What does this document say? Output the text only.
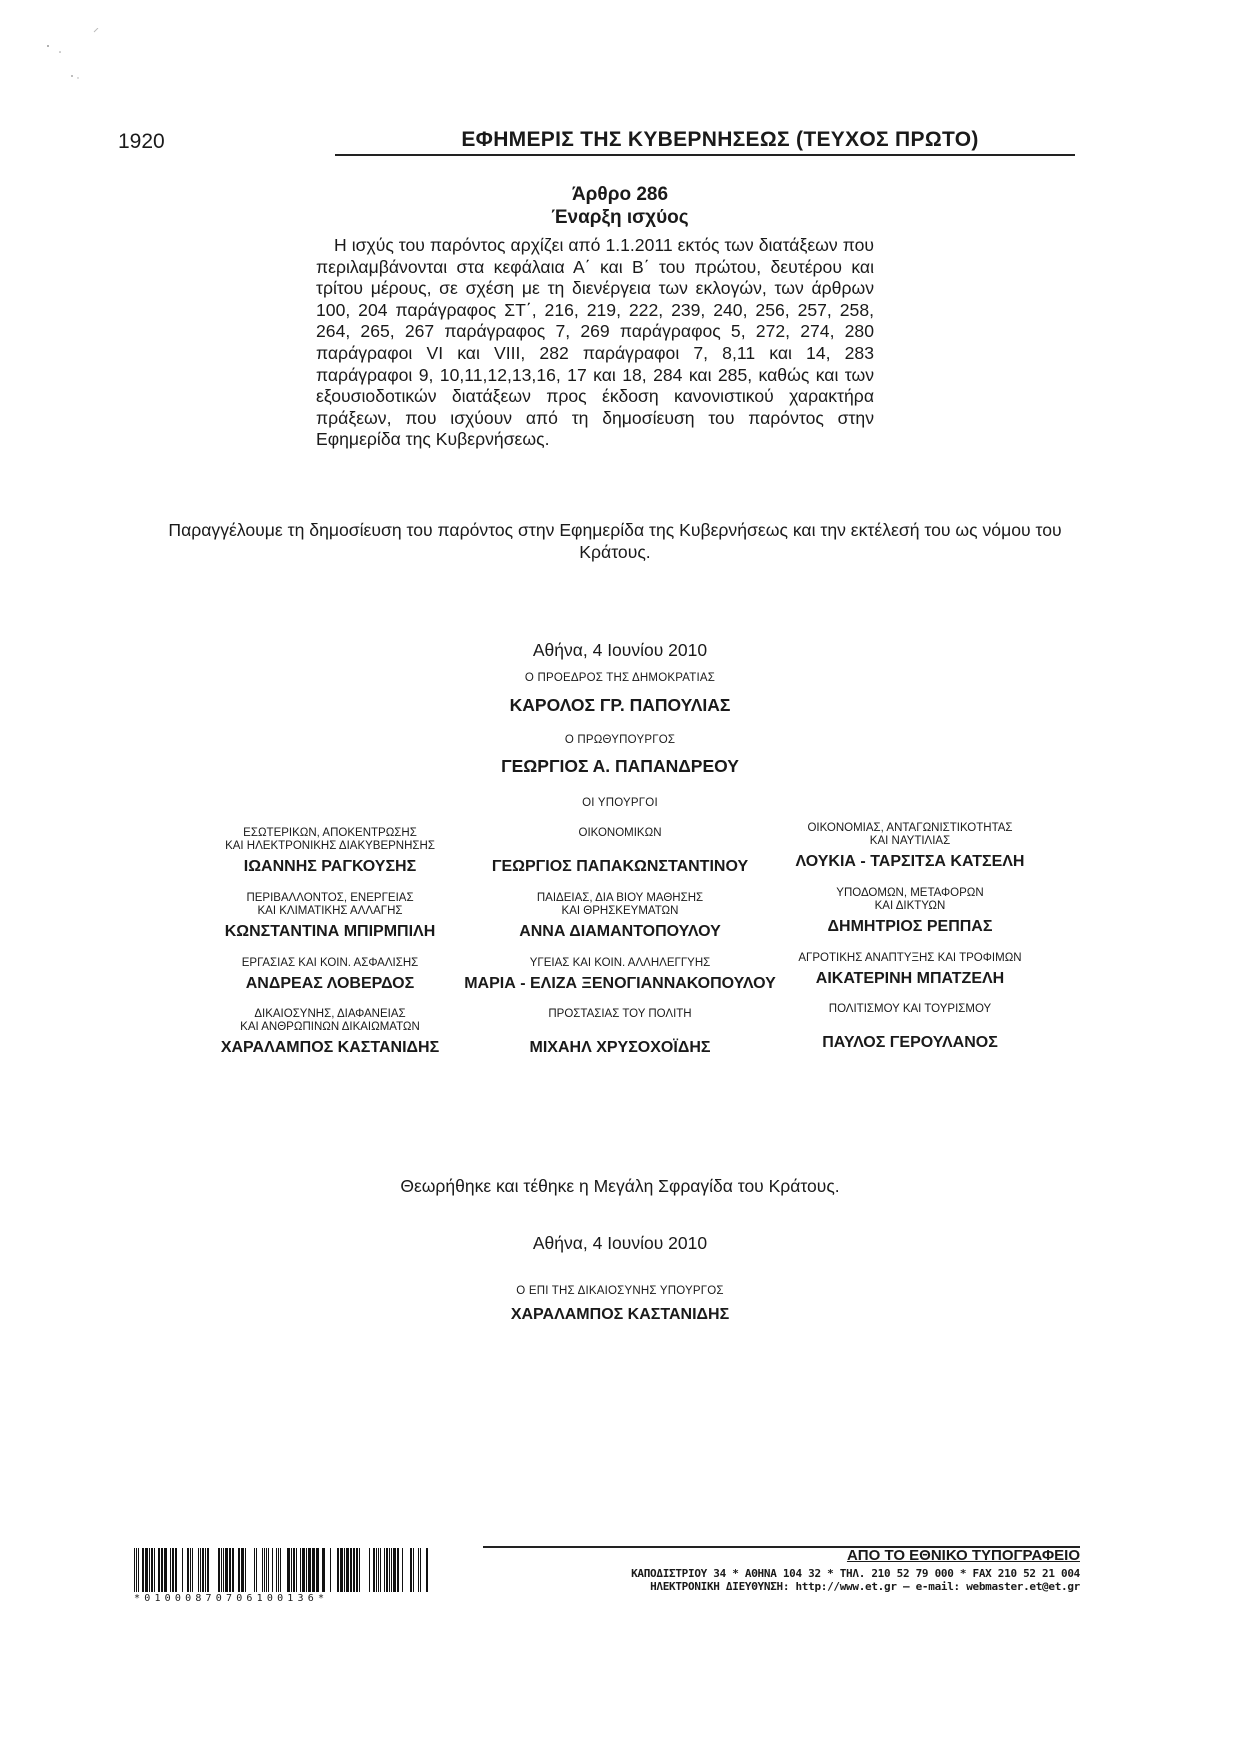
1920	ΕΦΗΜΕΡΙΣ ΤΗΣ ΚΥΒΕΡΝΗΣΕΩΣ (ΤΕΥΧΟΣ ΠΡΩΤΟ)
Άρθρο 286
Έναρξη ισχύος
Η ισχύς του παρόντος αρχίζει από 1.1.2011 εκτός των διατάξεων που περιλαμβάνονται στα κεφάλαια Α΄ και Β΄ του πρώτου, δευτέρου και τρίτου μέρους, σε σχέση με τη διενέργεια των εκλογών, των άρθρων 100, 204 παράγραφος ΣΤ΄, 216, 219, 222, 239, 240, 256, 257, 258, 264, 265, 267 παράγραφος 7, 269 παράγραφος 5, 272, 274, 280 παράγραφοι VI και VIII, 282 παράγραφοι 7, 8,11 και 14, 283 παράγραφοι 9, 10,11,12,13,16, 17 και 18, 284 και 285, καθώς και των εξουσιοδοτικών διατάξεων προς έκδοση κανονιστικού χαρακτήρα πράξεων, που ισχύουν από τη δημοσίευση του παρόντος στην Εφημερίδα της Κυβερνήσεως.
Παραγγέλουμε τη δημοσίευση του παρόντος στην Εφημερίδα της Κυβερνήσεως και την εκτέλεσή του ως νόμου του Κράτους.
Αθήνα, 4 Ιουνίου 2010
Ο ΠΡΟΕΔΡΟΣ ΤΗΣ ΔΗΜΟΚΡΑΤΙΑΣ
ΚΑΡΟΛΟΣ ΓΡ. ΠΑΠΟΥΛΙΑΣ
Ο ΠΡΩΘΥΠΟΥΡΓΟΣ
ΓΕΩΡΓΙΟΣ Α. ΠΑΠΑΝΔΡΕΟΥ
ΟΙ ΥΠΟΥΡΓΟΙ
ΕΣΩΤΕΡΙΚΩΝ, ΑΠΟΚΕΝΤΡΩΣΗΣ
ΚΑΙ ΗΛΕΚΤΡΟΝΙΚΗΣ ΔΙΑΚΥΒΕΡΝΗΣΗΣ
ΙΩΑΝΝΗΣ ΡΑΓΚΟΥΣΗΣ
ΠΕΡΙΒΑΛΛΟΝΤΟΣ, ΕΝΕΡΓΕΙΑΣ
ΚΑΙ ΚΛΙΜΑΤΙΚΗΣ ΑΛΛΑΓΗΣ
ΚΩΝΣΤΑΝΤΙΝΑ ΜΠΙΡΜΠΙΛΗ
ΕΡΓΑΣΙΑΣ ΚΑΙ ΚΟΙΝ. ΑΣΦΑΛΙΣΗΣ
ΑΝΔΡΕΑΣ ΛΟΒΕΡΔΟΣ
ΔΙΚΑΙΟΣΥΝΗΣ, ΔΙΑΦΑΝΕΙΑΣ
ΚΑΙ ΑΝΘΡΩΠΙΝΩΝ ΔΙΚΑΙΩΜΑΤΩΝ
ΧΑΡΑΛΑΜΠΟΣ ΚΑΣΤΑΝΙΔΗΣ
ΟΙΚΟΝΟΜΙΚΩΝ
ΓΕΩΡΓΙΟΣ ΠΑΠΑΚΩΝΣΤΑΝΤΙΝΟΥ
ΠΑΙΔΕΙΑΣ, ΔΙΑ ΒΙΟΥ ΜΑΘΗΣΗΣ
ΚΑΙ ΘΡΗΣΚΕΥΜΑΤΩΝ
ΑΝΝΑ ΔΙΑΜΑΝΤΟΠΟΥΛΟΥ
ΥΓΕΙΑΣ ΚΑΙ ΚΟΙΝ. ΑΛΛΗΛΕΓΓΥΗΣ
ΜΑΡΙΑ - ΕΛΙΖΑ ΞΕΝΟΓΙΑΝΝΑΚΟΠΟΥΛΟΥ
ΠΡΟΣΤΑΣΙΑΣ ΤΟΥ ΠΟΛΙΤΗ
ΜΙΧΑΗΛ ΧΡΥΣΟΧΟΪΔΗΣ
ΟΙΚΟΝΟΜΙΑΣ, ΑΝΤΑΓΩΝΙΣΤΙΚΟΤΗΤΑΣ
ΚΑΙ ΝΑΥΤΙΛΙΑΣ
ΛΟΥΚΙΑ - ΤΑΡΣΙΤΣΑ ΚΑΤΣΕΛΗ
ΥΠΟΔΟΜΩΝ, ΜΕΤΑΦΟΡΩΝ
ΚΑΙ ΔΙΚΤΥΩΝ
ΔΗΜΗΤΡΙΟΣ ΡΕΠΠΑΣ
ΑΓΡΟΤΙΚΗΣ ΑΝΑΠΤΥΞΗΣ ΚΑΙ ΤΡΟΦΙΜΩΝ
ΑΙΚΑΤΕΡΙΝΗ ΜΠΑΤΖΕΛΗ
ΠΟΛΙΤΙΣΜΟΥ ΚΑΙ ΤΟΥΡΙΣΜΟΥ
ΠΑΥΛΟΣ ΓΕΡΟΥΛΑΝΟΣ
Θεωρήθηκε και τέθηκε η Μεγάλη Σφραγίδα του Κράτους.
Αθήνα, 4 Ιουνίου 2010
Ο ΕΠΙ ΤΗΣ ΔΙΚΑΙΟΣΥΝΗΣ ΥΠΟΥΡΓΟΣ
ΧΑΡΑΛΑΜΠΟΣ ΚΑΣΤΑΝΙΔΗΣ
*01000870706100136*
ΑΠΟ ΤΟ ΕΘΝΙΚΟ ΤΥΠΟΓΡΑΦΕΙΟ
ΚΑΠΟΔΙΣΤΡΙΟΥ 34 * ΑΘΗΝΑ 104 32 * ΤΗΛ. 210 52 79 000 * FAX 210 52 21 004
ΗΛΕΚΤΡΟΝΙΚΗ ΔΙΕΥΘΥΝΣΗ: http://www.et.gr – e-mail: webmaster.et@et.gr
